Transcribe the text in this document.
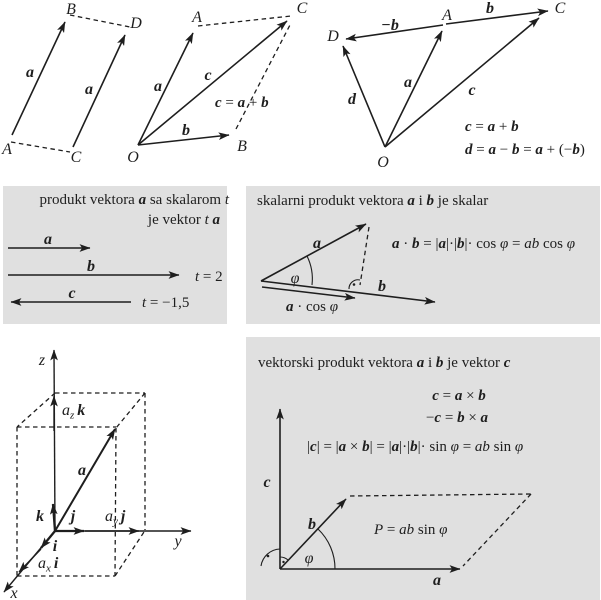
B
D
A	C
a
a
A
C
B
O
a
c
b
c = a + b
D
A	C
O
b
−b
a
d
c
c = a + b
d = a − b = a + (−b)
produkt vektora a sa skalarom t
je vektor t a
a
b
t = 2
c
t = −1,5
skalarni produkt vektora a i b je skalar
a
b
φ
a · cos φ
a · b = |a|·|b|· cos φ = ab cos φ
z
y
x
k j
i
a
$a_z$ k
$a_y$ j
$a_x$ i
vektorski produkt vektora a i b je vektor c
c = a × b
−c = b × a
|c| = |a × b| = |a|·|b|· sin φ = ab sin φ
c
b
a
φ
P = ab sin φ
